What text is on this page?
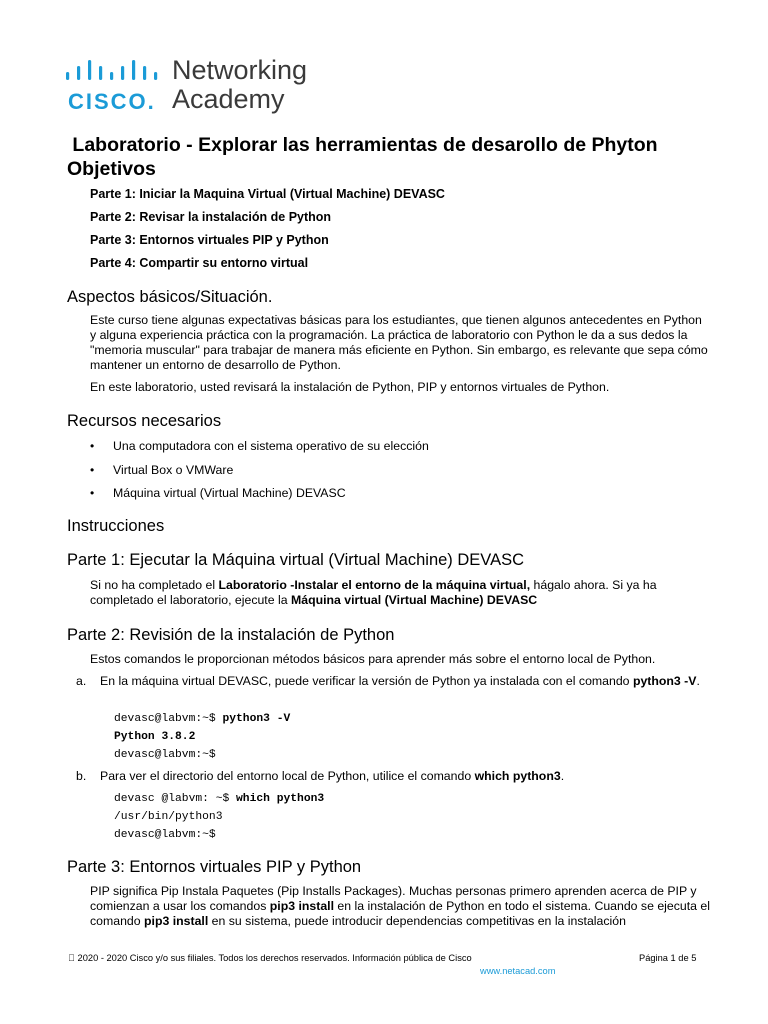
CISCO.
Networking
Academy
Laboratorio - Explorar las herramientas de desarollo de Phyton
Objetivos
Parte 1: Iniciar la Maquina Virtual (Virtual Machine) DEVASC
Parte 2: Revisar la instalación de Python
Parte 3: Entornos virtuales PIP y Python
Parte 4: Compartir su entorno virtual
Aspectos básicos/Situación.

Este curso tiene algunas expectativas básicas para los estudiantes, que tienen algunos antecedentes en Python y alguna experiencia práctica con la programación. La práctica de laboratorio con Python le da a sus dedos la "memoria muscular" para trabajar de manera más eficiente en Python. Sin embargo, es relevante que sepa cómo mantener un entorno de desarrollo de Python.

En este laboratorio, usted revisará la instalación de Python, PIP y entornos virtuales de Python.

Recursos necesarios
• Una computadora con el sistema operativo de su elección
• Virtual Box o VMWare
• Máquina virtual (Virtual Machine) DEVASC
Instrucciones
Parte 1: Ejecutar la Máquina virtual (Virtual Machine) DEVASC

Si no ha completado el Laboratorio -Instalar el entorno de la máquina virtual, hágalo ahora. Si ya ha completado el laboratorio, ejecute la Máquina virtual (Virtual Machine) DEVASC

Parte 2: Revisión de la instalación de Python

Estos comandos le proporcionan métodos básicos para aprender más sobre el entorno local de Python.

a. En la máquina virtual DEVASC, puede verificar la versión de Python ya instalada con el comando python3 -V.

devasc@labvm:~$ python3 -V
Python 3.8.2
devasc@labvm:~$

b. Para ver el directorio del entorno local de Python, utilice el comando which python3.

devasc @labvm: ~$ which python3
/usr/bin/python3
devasc@labvm:~$
Parte 3: Entornos virtuales PIP y Python

PIP significa Pip Instala Paquetes (Pip Installs Packages). Muchas personas primero aprenden acerca de PIP y comienzan a usar los comandos pip3 install en la instalación de Python en todo el sistema. Cuando se ejecuta el comando pip3 install en su sistema, puede introducir dependencias competitivas en la instalación

  2020 - 2020 Cisco y/o sus filiales. Todos los derechos reservados. Información pública de Cisco	Página 1 de 5
www.netacad.com
